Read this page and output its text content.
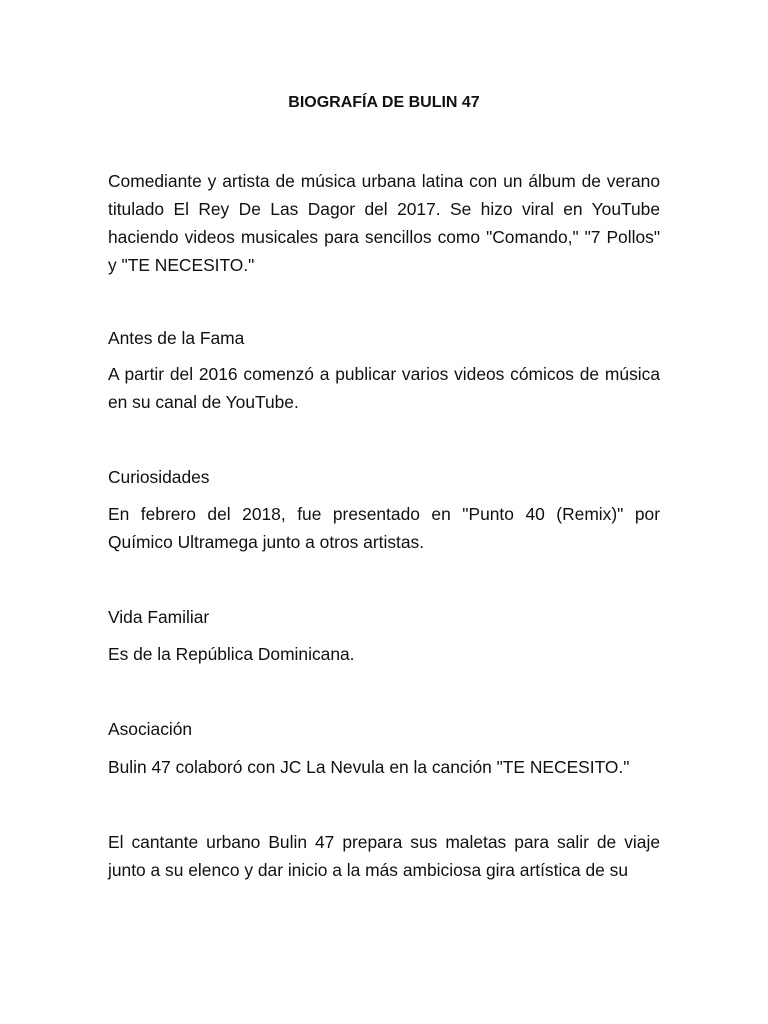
BIOGRAFÍA DE BULIN 47

Comediante y artista de música urbana latina con un álbum de verano titulado El Rey De Las Dagor del 2017. Se hizo viral en YouTube haciendo videos musicales para sencillos como "Comando," "7 Pollos" y "TE NECESITO."

Antes de la Fama

A partir del 2016 comenzó a publicar varios videos cómicos de música en su canal de YouTube.

Curiosidades

En febrero del 2018, fue presentado en "Punto 40 (Remix)" por Químico Ultramega junto a otros artistas.

Vida Familiar

Es de la República Dominicana.

Asociación

Bulin 47 colaboró con JC La Nevula en la canción "TE NECESITO."

El cantante urbano Bulin 47 prepara sus maletas para salir de viaje junto a su elenco y dar inicio a la más ambiciosa gira artística de su
